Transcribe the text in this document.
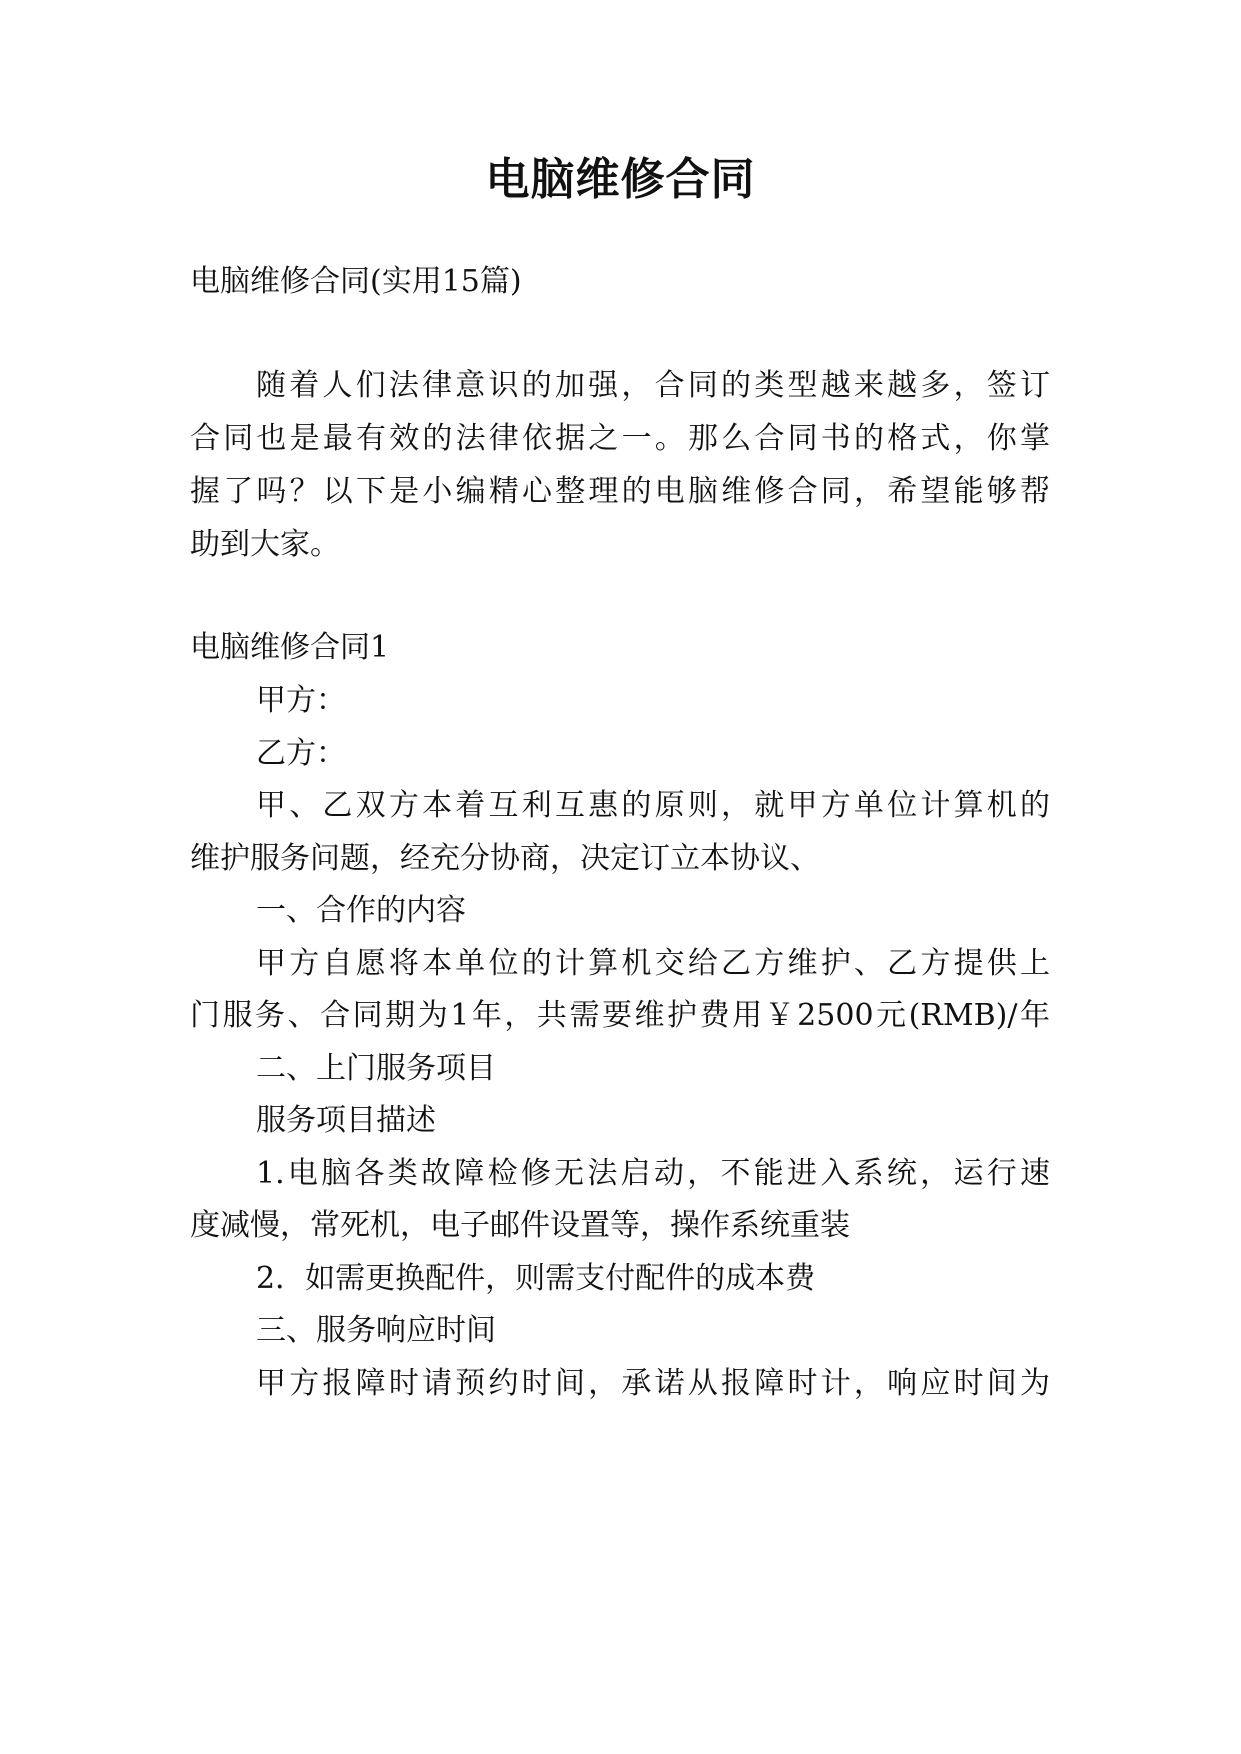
电脑维修合同

电脑维修合同(实用15篇)

随着人们法律意识的加强，合同的类型越来越多，签订

合同也是最有效的法律依据之一。那么合同书的格式，你掌

握了吗？以下是小编精心整理的电脑维修合同，希望能够帮

助到大家。

电脑维修合同1

甲方：

乙方：

甲、乙双方本着互利互惠的原则，就甲方单位计算机的

维护服务问题，经充分协商，决定订立本协议、

一、合作的内容

甲方自愿将本单位的计算机交给乙方维护、乙方提供上

门服务、合同期为1年，共需要维护费用￥2500元(RMB)/年

二、上门服务项目

服务项目描述

1.电脑各类故障检修无法启动，不能进入系统，运行速

度减慢，常死机，电子邮件设置等，操作系统重装

2．如需更换配件，则需支付配件的成本费

三、服务响应时间

甲方报障时请预约时间，承诺从报障时计，响应时间为
